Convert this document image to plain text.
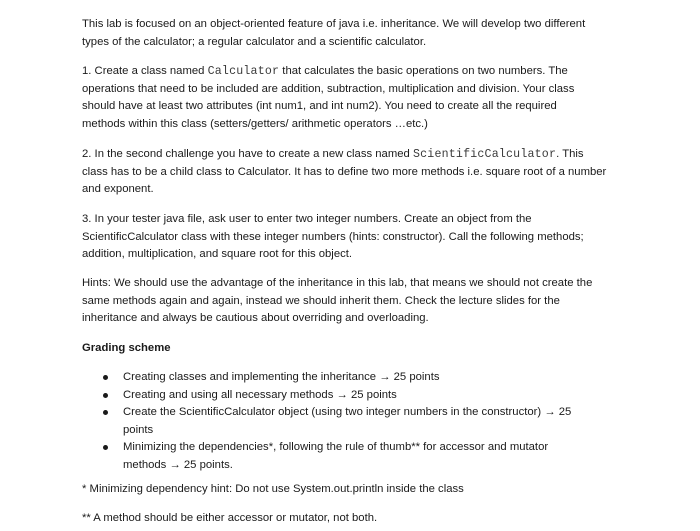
This lab is focused on an object-oriented feature of java i.e. inheritance. We will develop two different
types of the calculator; a regular calculator and a scientific calculator.

1. Create a class named Calculator that calculates the basic operations on two numbers. The
operations that need to be included are addition, subtraction, multiplication and division. Your class
should have at least two attributes (int num1, and int num2). You need to create all the required
methods within this class (setters/getters/ arithmetic operators …etc.)

2. In the second challenge you have to create a new class named ScientificCalculator. This
class has to be a child class to Calculator. It has to define two more methods i.e. square root of a number
and exponent.

3. In your tester java file, ask user to enter two integer numbers. Create an object from the
ScientificCalculator class with these integer numbers (hints: constructor). Call the following methods;
addition, multiplication, and square root for this object.

Hints: We should use the advantage of the inheritance in this lab, that means we should not create the
same methods again and again, instead we should inherit them. Check the lecture slides for the
inheritance and always be cautious about overriding and overloading.

Grading scheme

Creating classes and implementing the inheritance → 25 points
Creating and using all necessary methods → 25 points
Create the ScientificCalculator object (using two integer numbers in the constructor) → 25
points
Minimizing the dependencies*, following the rule of thumb** for accessor and mutator
methods → 25 points.

* Minimizing dependency hint: Do not use System.out.println inside the class

** A method should be either accessor or mutator, not both.
